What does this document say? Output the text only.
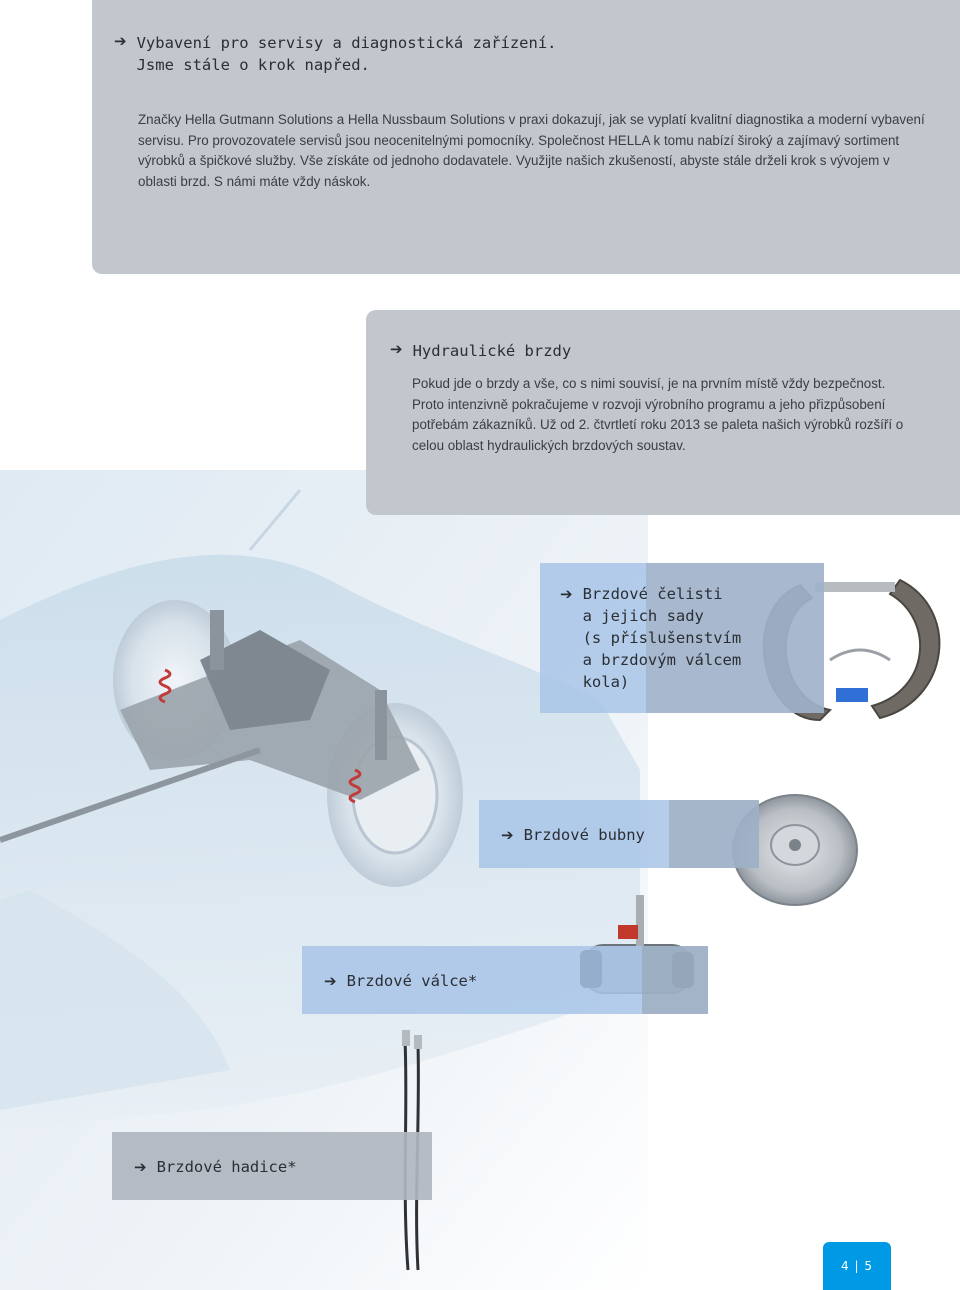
➔ Vybavení pro servisy a diagnostická zařízení.
Jsme stále o krok napřed.
Značky Hella Gutmann Solutions a Hella Nussbaum Solutions v praxi dokazují, jak se vyplatí kvalitní diagnostika a moderní vybavení servisu. Pro provozovatele servisů jsou neocenitelnými pomocníky. Společnost HELLA k tomu nabízí široký a zajímavý sortiment výrobků a špičkové služby. Vše získáte od jednoho dodavatele. Využijte našich zkušeností, abyste stále drželi krok s vývojem v oblasti brzd. S námi máte vždy náskok.
➔ Hydraulické brzdy
Pokud jde o brzdy a vše, co s nimi souvisí, je na prvním místě vždy bezpečnost. Proto intenzivně pokračujeme v rozvoji výrobního programu a jeho přizpůsobení potřebám zákazníků. Už od 2. čtvrtletí roku 2013 se paleta našich výrobků rozšíří o celou oblast hydraulických brzdových soustav.
➔ Brzdové čelisti
a jejich sady
(s příslušenstvím
a brzdovým válcem
kola)
➔ Brzdové bubny
➔ Brzdové válce*
➔ Brzdové hadice*
4 | 5
